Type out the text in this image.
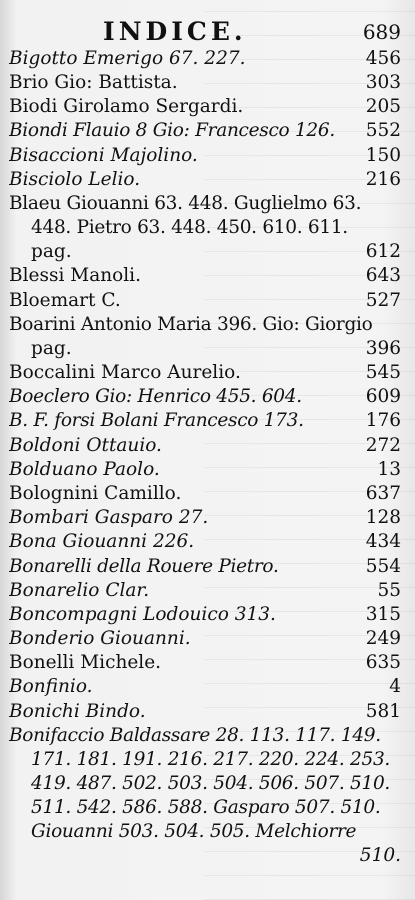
INDICE.	689
Bigotto Emerigo 67. 227.	456
Brio Gio: Battista.	303
Biodi Girolamo Sergardi.	205
Biondi Flauio 8 Gio: Francesco 126.	552
Bisaccioni Majolino.	150
Bisciolo Lelio.	216
Blaeu Giouanni 63. 448. Guglielmo 63.
448. Pietro 63. 448. 450. 610. 611.
pag.	612
Blessi Manoli.	643
Bloemart C.	527
Boarini Antonio Maria 396. Gio: Giorgio
pag.	396
Boccalini Marco Aurelio.	545
Boeclero Gio: Henrico 455. 604.	609
B. F. forsi Bolani Francesco 173.	176
Boldoni Ottauio.	272
Bolduano Paolo.	13
Bolognini Camillo.	637
Bombari Gasparo 27.	128
Bona Giouanni 226.	434
Bonarelli della Rouere Pietro.	554
Bonarelio Clar.	55
Boncompagni Lodouico 313.	315
Bonderio Giouanni.	249
Bonelli Michele.	635
Bonfinio.	4
Bonichi Bindo.	581
Bonifaccio Baldassare 28. 113. 117. 149.
171. 181. 191. 216. 217. 220. 224. 253.
419. 487. 502. 503. 504. 506. 507. 510.
511. 542. 586. 588. Gasparo 507. 510.
Giouanni 503. 504. 505. Melchiorre
510.
